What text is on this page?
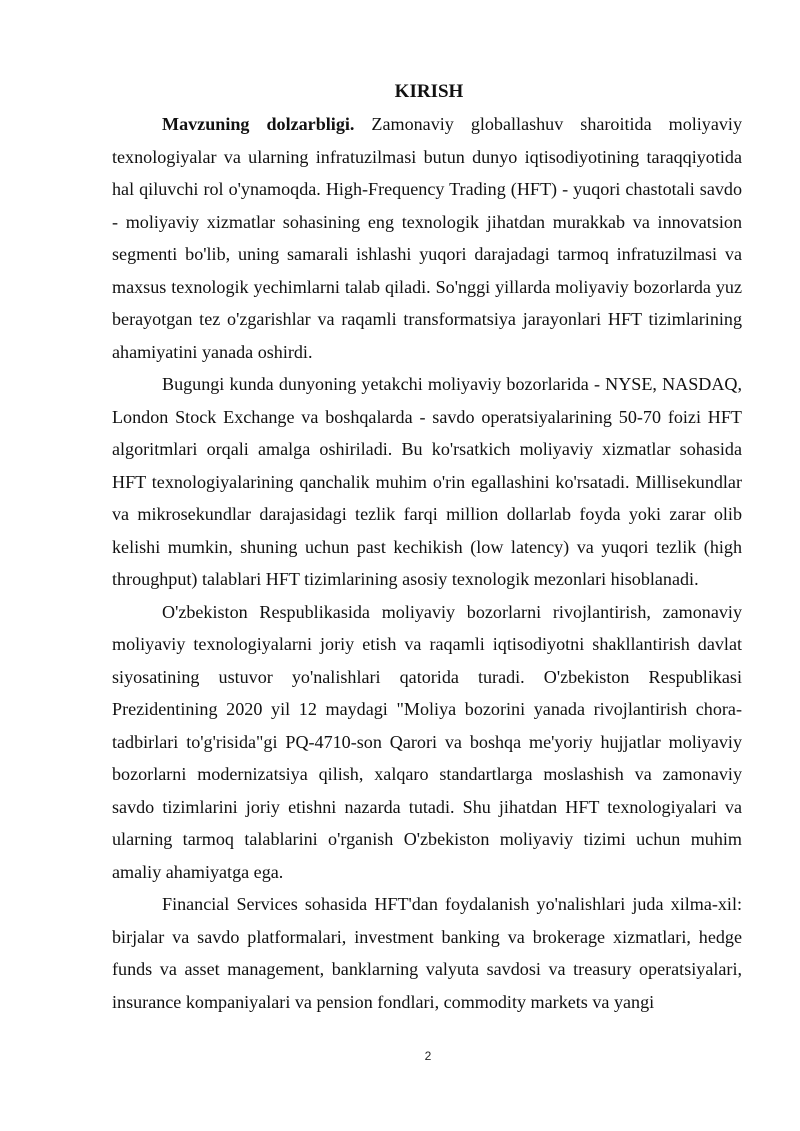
KIRISH

Mavzuning dolzarbligi. Zamonaviy globallashuv sharoitida moliyaviy texnologiyalar va ularning infratuzilmasi butun dunyo iqtisodiyotining taraqqiyotida hal qiluvchi rol o'ynamoqda. High-Frequency Trading (HFT) - yuqori chastotali savdo - moliyaviy xizmatlar sohasining eng texnologik jihatdan murakkab va innovatsion segmenti bo'lib, uning samarali ishlashi yuqori darajadagi tarmoq infratuzilmasi va maxsus texnologik yechimlarni talab qiladi. So'nggi yillarda moliyaviy bozorlarda yuz berayotgan tez o'zgarishlar va raqamli transformatsiya jarayonlari HFT tizimlarining ahamiyatini yanada oshirdi.

Bugungi kunda dunyoning yetakchi moliyaviy bozorlarida - NYSE, NASDAQ, London Stock Exchange va boshqalarda - savdo operatsiyalarining 50-70 foizi HFT algoritmlari orqali amalga oshiriladi. Bu ko'rsatkich moliyaviy xizmatlar sohasida HFT texnologiyalarining qanchalik muhim o'rin egallashini ko'rsatadi. Millisekundlar va mikrosekundlar darajasidagi tezlik farqi million dollarlab foyda yoki zarar olib kelishi mumkin, shuning uchun past kechikish (low latency) va yuqori tezlik (high throughput) talablari HFT tizimlarining asosiy texnologik mezonlari hisoblanadi.

O'zbekiston Respublikasida moliyaviy bozorlarni rivojlantirish, zamonaviy moliyaviy texnologiyalarni joriy etish va raqamli iqtisodiyotni shakllantirish davlat siyosatining ustuvor yo'nalishlari qatorida turadi. O'zbekiston Respublikasi Prezidentining 2020 yil 12 maydagi "Moliya bozorini yanada rivojlantirish chora-tadbirlari to'g'risida"gi PQ-4710-son Qarori va boshqa me'yoriy hujjatlar moliyaviy bozorlarni modernizatsiya qilish, xalqaro standartlarga moslashish va zamonaviy savdo tizimlarini joriy etishni nazarda tutadi. Shu jihatdan HFT texnologiyalari va ularning tarmoq talablarini o'rganish O'zbekiston moliyaviy tizimi uchun muhim amaliy ahamiyatga ega.

Financial Services sohasida HFT'dan foydalanish yo'nalishlari juda xilma-xil: birjalar va savdo platformalari, investment banking va brokerage xizmatlari, hedge funds va asset management, banklarning valyuta savdosi va treasury operatsiyalari, insurance kompaniyalari va pension fondlari, commodity markets va yangi

2
